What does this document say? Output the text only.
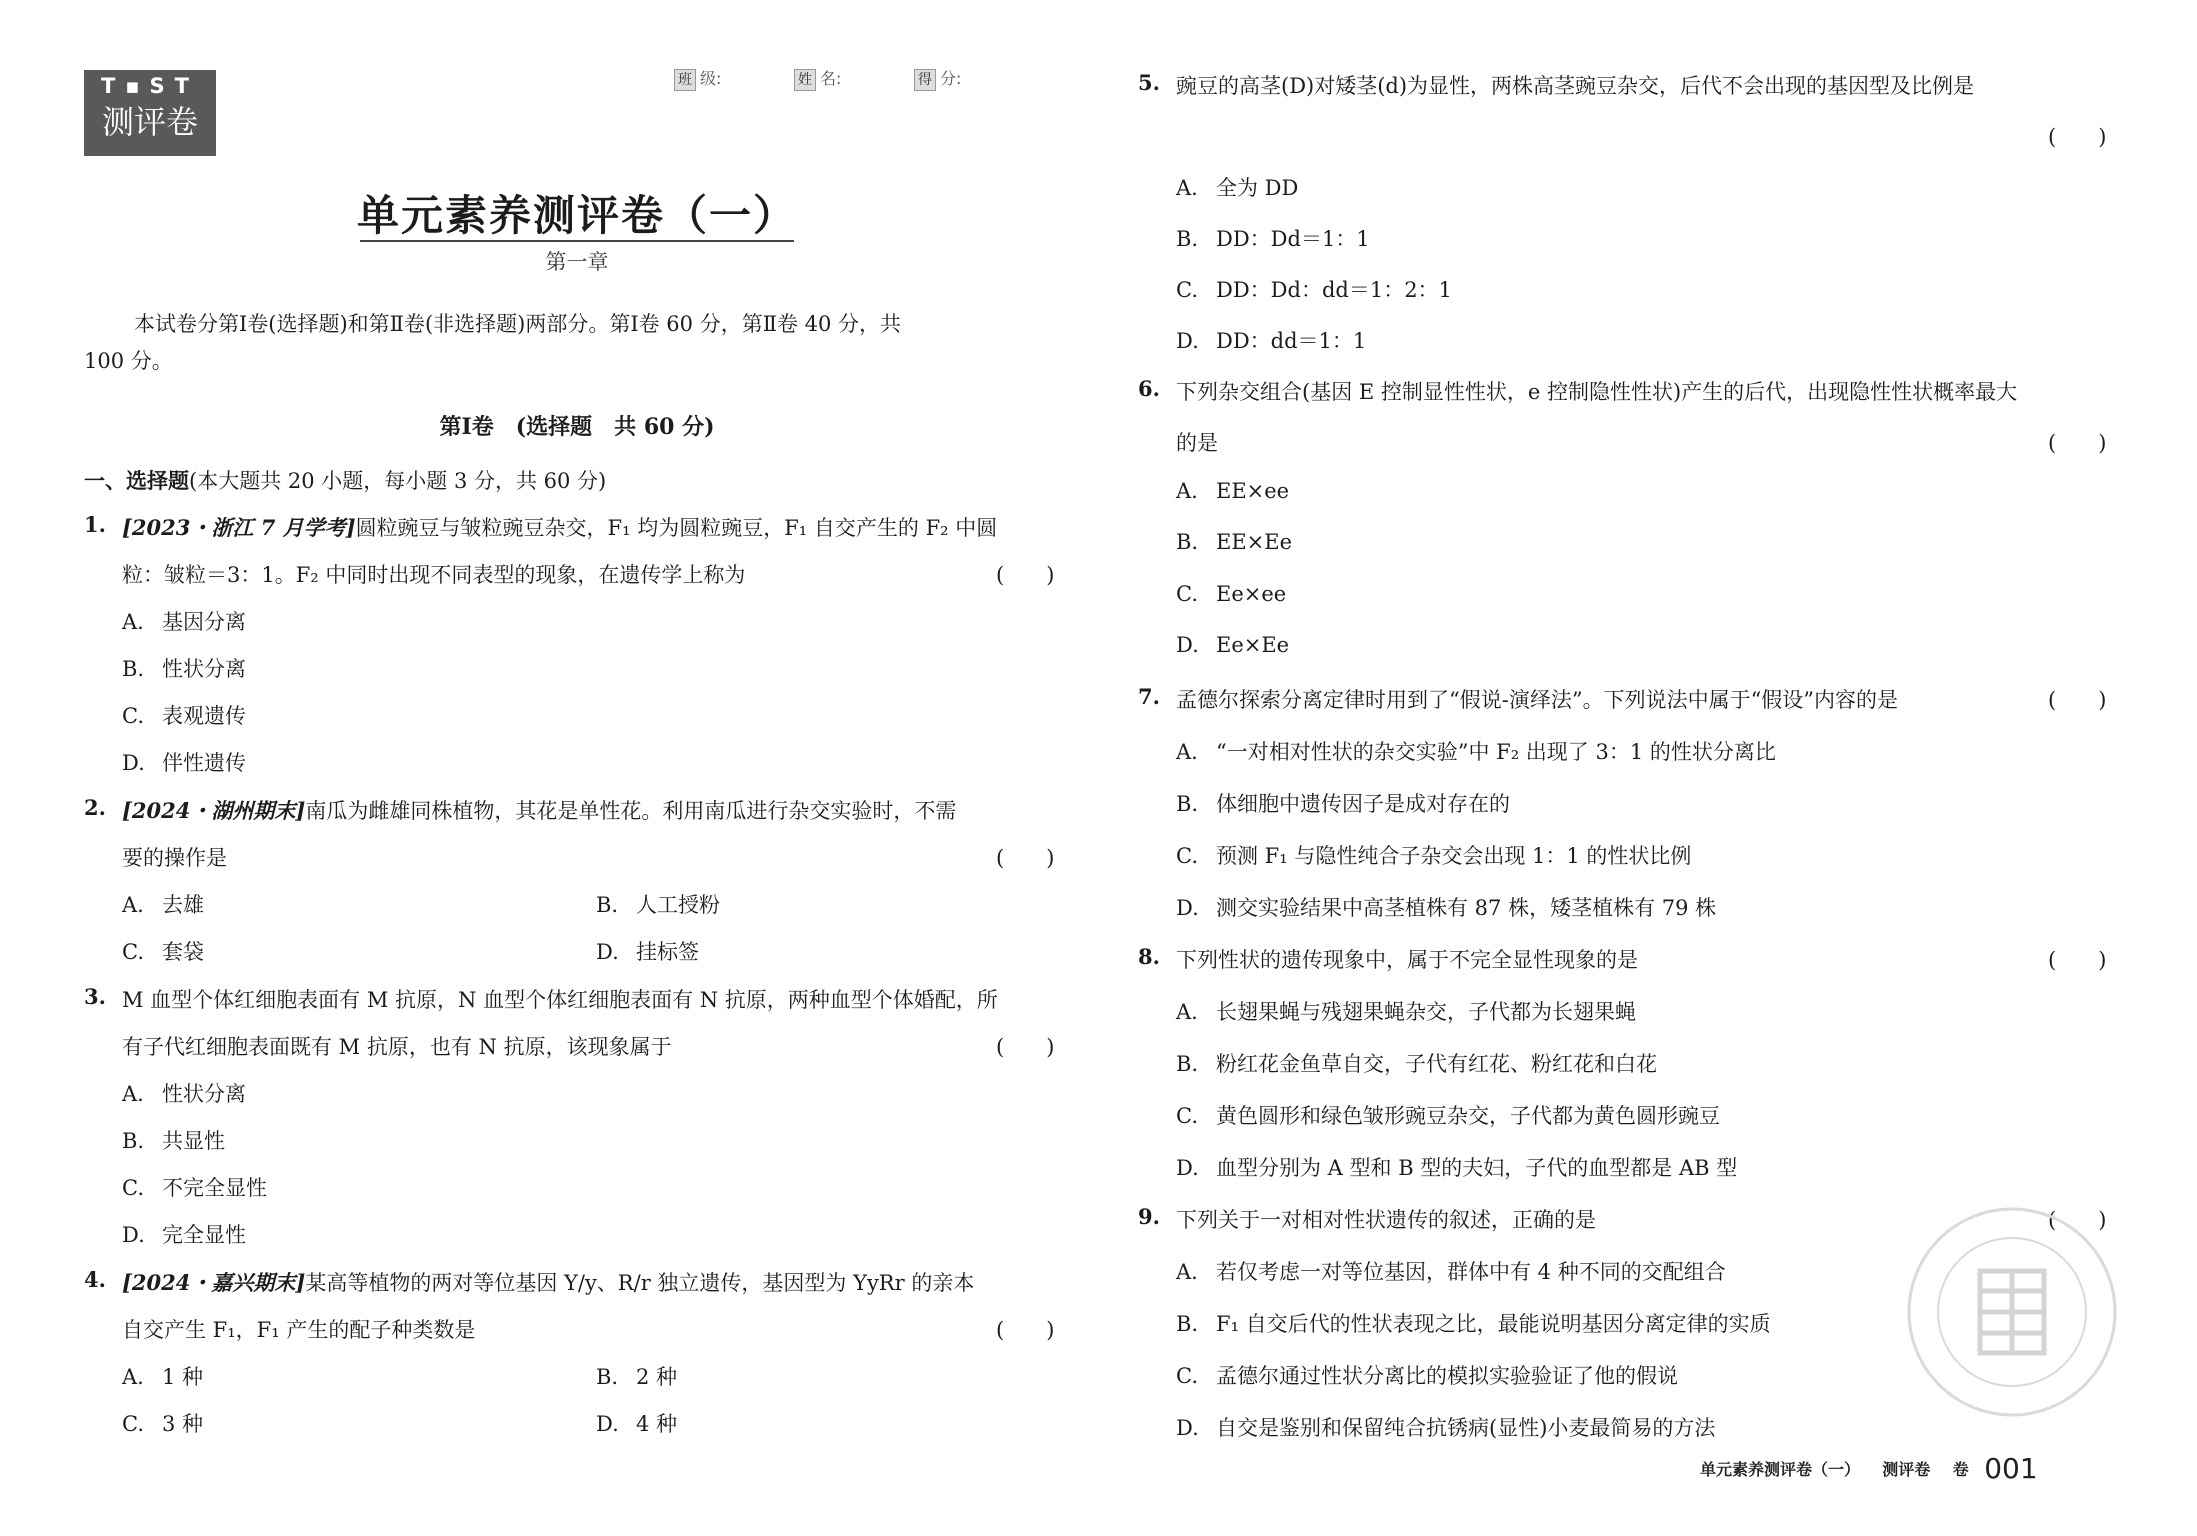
T▪ST
测评卷
班 级:	姓 名:	得 分:
单元素养测评卷（一）
第一章
本试卷分第Ⅰ卷(选择题)和第Ⅱ卷(非选择题)两部分。第Ⅰ卷 60 分，第Ⅱ卷 40 分，共
100 分。
第Ⅰ卷　(选择题　共 60 分)
一、选择题(本大题共 20 小题，每小题 3 分，共 60 分)
1. [2023・浙江 7 月学考]圆粒豌豆与皱粒豌豆杂交，F₁ 均为圆粒豌豆，F₁ 自交产生的 F₂ 中圆
粒：皱粒＝3：1。F₂ 中同时出现不同表型的现象，在遗传学上称为	(　　)
A. 基因分离
B. 性状分离
C. 表观遗传
D. 伴性遗传
2. [2024・湖州期末]南瓜为雌雄同株植物，其花是单性花。利用南瓜进行杂交实验时，不需
要的操作是	(　　)
A. 去雄	B. 人工授粉
C. 套袋	D. 挂标签
3. M 血型个体红细胞表面有 M 抗原，N 血型个体红细胞表面有 N 抗原，两种血型个体婚配，所
有子代红细胞表面既有 M 抗原，也有 N 抗原，该现象属于	(　　)
A. 性状分离
B. 共显性
C. 不完全显性
D. 完全显性
4. [2024・嘉兴期末]某高等植物的两对等位基因 Y/y、R/r 独立遗传，基因型为 YyRr 的亲本
自交产生 F₁，F₁ 产生的配子种类数是	(　　)
A. 1 种	B. 2 种
C. 3 种	D. 4 种
5. 豌豆的高茎(D)对矮茎(d)为显性，两株高茎豌豆杂交，后代不会出现的基因型及比例是
(　　)
A. 全为 DD
B. DD：Dd＝1：1
C. DD：Dd：dd＝1：2：1
D. DD：dd＝1：1
6. 下列杂交组合(基因 E 控制显性性状，e 控制隐性性状)产生的后代，出现隐性性状概率最大
的是	(　　)
A. EE×ee
B. EE×Ee
C. Ee×ee
D. Ee×Ee
7. 孟德尔探索分离定律时用到了“假说-演绎法”。下列说法中属于“假设”内容的是	(　　)
A. “一对相对性状的杂交实验”中 F₂ 出现了 3：1 的性状分离比
B. 体细胞中遗传因子是成对存在的
C. 预测 F₁ 与隐性纯合子杂交会出现 1：1 的性状比例
D. 测交实验结果中高茎植株有 87 株，矮茎植株有 79 株
8. 下列性状的遗传现象中，属于不完全显性现象的是	(　　)
A. 长翅果蝇与残翅果蝇杂交，子代都为长翅果蝇
B. 粉红花金鱼草自交，子代有红花、粉红花和白花
C. 黄色圆形和绿色皱形豌豆杂交，子代都为黄色圆形豌豆
D. 血型分别为 A 型和 B 型的夫妇，子代的血型都是 AB 型
9. 下列关于一对相对性状遗传的叙述，正确的是	(　　)
A. 若仅考虑一对等位基因，群体中有 4 种不同的交配组合
B. F₁ 自交后代的性状表现之比，最能说明基因分离定律的实质
C. 孟德尔通过性状分离比的模拟实验验证了他的假说
D. 自交是鉴别和保留纯合抗锈病(显性)小麦最简易的方法
单元素养测评卷（一） 测评卷 卷 001
